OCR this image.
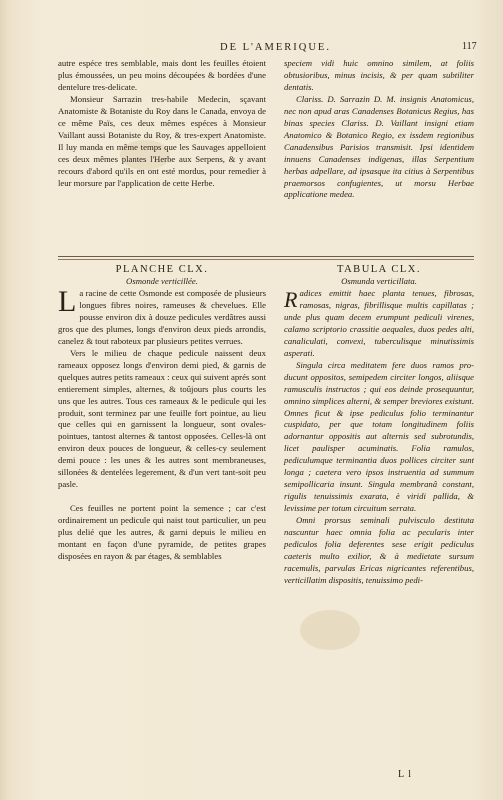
DE L'AMERIQUE.	117

autre espéce tres semblable, mais dont les feuilles étoient plus émoussées, un peu moins découpées & bordées d'une dentelure tres-delicate.

Monsieur Sarrazin tres-habile Medecin, sçavant Anatomiste & Botaniste du Roy dans le Canada, envoya de ce même Païs, ces deux mêmes espéces à Monsieur Vaillant aussi Botaniste du Roy, & tres-expert Anatomiste. Il luy manda en même temps que les Sauvages appelloient ces deux mêmes plantes l'Herbe aux Serpens, & y avant recours d'abord qu'ils en ont esté mordus, pour remedier à leur morsure par l'application de cette Herbe.

speciem vidi huic omnino similem, at foliis obtusioribus, minus incisis, & per quam subtiliter dentatis.

Clariss. D. Sarrazin D. M. insignis Anatomicus, nec non apud aras Canadenses Botanicus Regius, has binas species Clariss. D. Vaillant insigni etiam Anatomico & Botanico Regio, ex issdem regionibus Canadensibus Parisios transmisit. Ipsi identidem innuens Canadenses indigenas, illas Serpentium herbas adpellare, ad ipsasque ita citius à Serpentibus praemorsos confugientes, ut morsu Herbae applicatione medea.

PLANCHE CLX.
Osmonde verticillée.

La racine de cette Osmonde est composée de plusieurs longues fibres noires, rameuses & chevelues. Elle pousse environ dix à douze pedicules verdâtres aussi gros que des plumes, longs d'environ deux pieds arrondis, canelez & tout raboteux par plusieurs petites verrues.

Vers le milieu de chaque pedicule naissent deux rameaux opposez longs d'environ demi pied, & garnis de quelques autres petits rameaux : ceux qui suivent aprés sont entierement simples, alternes, & toûjours plus courts les uns que les autres. Tous ces rameaux & le pedicule qui les produit, sont terminez par une feuille fort pointue, au lieu que celles qui en garnissent la longueur, sont ovales-pointues, tantost alternes & tantost opposées. Celles-là ont environ deux pouces de longueur, & celles-cy seulement demi pouce : les unes & les autres sont membraneuses, sillonées & dentelées legerement, & d'un vert tant-soit peu pasle.

Ces feuilles ne portent point la semence ; car c'est ordinairement un pedicule qui naist tout particulier, un peu plus delié que les autres, & garni depuis le milieu en montant en façon d'une pyramide, de petites grapes disposées en rayon & par étages, & semblables

TABULA CLX.
Osmunda verticillata.

Radices emittit haec planta tenues, fibrosas, ramosas, nigras, fibrillisque multis capillatas ; unde plus quam decem erumpunt pediculi virenes, calamo scriptorio crassitie aequales, duos pedes alti, canaliculati, convexi, tuberculisque minutissimis asperati.

Singula circa meditatem fere duos ramos pro-ducunt oppositos, semipedem circiter longos, aliisque ramusculis instructos ; qui eos deinde prosequuntur, omnino simplices alterni, & semper breviores existunt. Omnes ficut & ipse pediculus folio terminantur cuspidato, per que totam longitudinem foliis adornantur oppositis aut alternis sed subrotundis, licet paulisper acuminatis. Folia ramulos, pediculumque terminantia duos pollices circiter sunt longa ; caetera vero ipsos instruentia ad summum semipollicaria insunt. Singula membranâ constant, rigulis tenuissimis exarata, è viridi pallida, & levissime per totum circuitum serrata.

Omni prorsus seminali pulvisculo destituta nascuntur haec omnia folia ac pecularis inter pediculos folia deferentes sese erigit pediculus caeteris multo exilior, & à medietate sursum racemulis, parvulas Ericas nigricantes referentibus, verticillatim dispositis, tenuissimo pedi-

L l
